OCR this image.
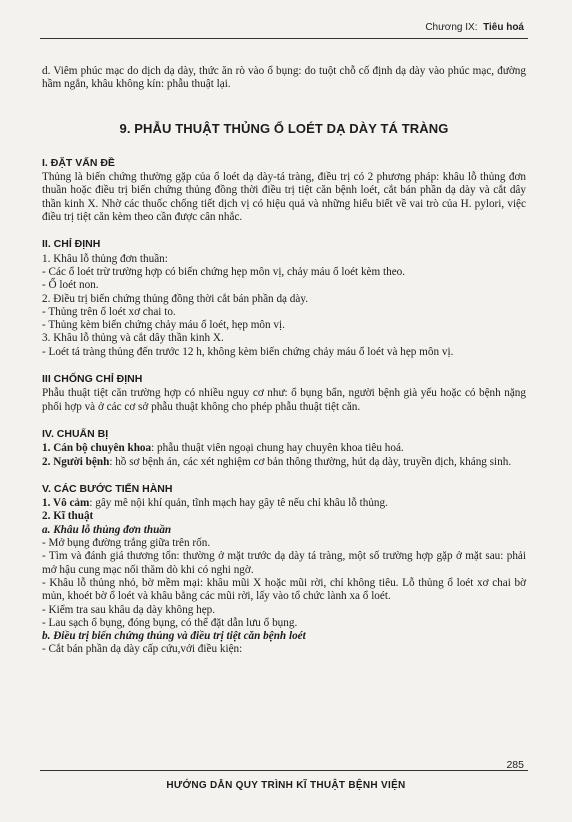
Chương IX: Tiêu hoá

d. Viêm phúc mạc do dịch dạ dày, thức ăn rò vào ổ bụng: do tuột chỗ cố định dạ dày vào phúc mạc, đường hầm ngắn, khâu không kín: phẫu thuật lại.

9. PHẪU THUẬT THỦNG Ổ LOÉT DẠ DÀY TÁ TRÀNG
I. ĐẶT VẤN ĐỀ

Thủng là biến chứng thường gặp của ổ loét dạ dày-tá tràng, điều trị có 2 phương pháp: khâu lỗ thủng đơn thuần hoặc điều trị biến chứng thủng đồng thời điều trị tiệt căn bệnh loét, cắt bán phần dạ dày và cắt dây thần kinh X. Nhờ các thuốc chống tiết dịch vị có hiệu quả và những hiểu biết về vai trò của H. pylori, việc điều trị tiệt căn kèm theo cần được cân nhắc.

II. CHỈ ĐỊNH

1. Khâu lỗ thủng đơn thuần:

- Các ổ loét trừ trường hợp có biến chứng hẹp môn vị, chảy máu ổ loét kèm theo.

- Ổ loét non.

2. Điều trị biến chứng thủng đồng thời cắt bán phần dạ dày.

- Thủng trên ổ loét xơ chai to.

- Thủng kèm biến chứng chảy máu ổ loét, hẹp môn vị.

3. Khâu lỗ thủng và cắt dây thần kinh X.

- Loét tá tràng thủng đến trước 12 h, không kèm biến chứng chảy máu ổ loét và hẹp môn vị.

III CHỐNG CHỈ ĐỊNH

Phẫu thuật tiệt căn trường hợp có nhiều nguy cơ như: ổ bụng bẩn, người bệnh già yếu hoặc có bệnh nặng phối hợp và ở các cơ sở phẫu thuật không cho phép phẫu thuật tiệt căn.

IV. CHUẨN BỊ

1. Cán bộ chuyên khoa: phẫu thuật viên ngoại chung hay chuyên khoa tiêu hoá.

2. Người bệnh: hồ sơ bệnh án, các xét nghiệm cơ bản thông thường, hút dạ dày, truyền dịch, kháng sinh.

V. CÁC BƯỚC TIẾN HÀNH

1. Vô cảm: gây mê nội khí quản, tĩnh mạch hay gây tê nếu chỉ khâu lỗ thủng.

2. Kĩ thuật

a. Khâu lỗ thủng đơn thuần

- Mở bụng đường trắng giữa trên rốn.

- Tìm và đánh giá thương tổn: thường ở mặt trước dạ dày tá tràng, một số trường hợp gặp ở mặt sau: phải mở hậu cung mạc nối thăm dò khi có nghi ngờ.

- Khâu lỗ thủng nhỏ, bờ mềm mại: khâu mũi X hoặc mũi rời, chỉ không tiêu. Lỗ thủng ổ loét xơ chai bờ mủn, khoét bờ ổ loét và khâu bằng các mũi rời, lấy vào tổ chức lành xa ổ loét.

- Kiểm tra sau khâu dạ dày không hẹp.

- Lau sạch ổ bụng, đóng bụng, có thể đặt dẫn lưu ổ bụng.

b. Điều trị biến chứng thủng và điều trị tiệt căn bệnh loét

- Cắt bán phần dạ dày cấp cứu,với điều kiện:

285
HƯỚNG DẪN QUY TRÌNH KĨ THUẬT BỆNH VIỆN
